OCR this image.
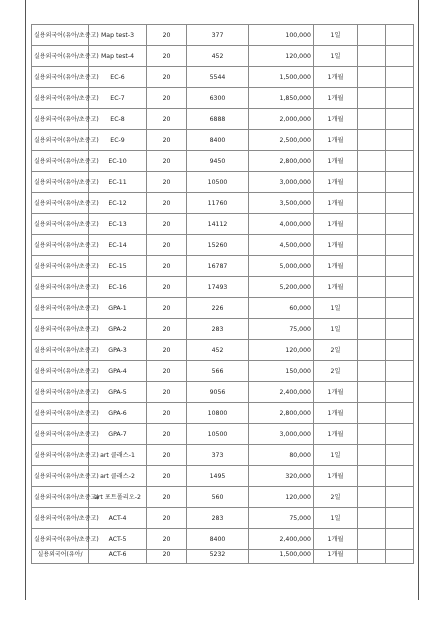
실용외국어(유아/초중고)	Map test-3	20	377	100,000	1일		
실용외국어(유아/초중고)	Map test-4	20	452	120,000	1일		
실용외국어(유아/초중고)	EC-6	20	5544	1,500,000	1개월		
실용외국어(유아/초중고)	EC-7	20	6300	1,850,000	1개월		
실용외국어(유아/초중고)	EC-8	20	6888	2,000,000	1개월		
실용외국어(유아/초중고)	EC-9	20	8400	2,500,000	1개월		
실용외국어(유아/초중고)	EC-10	20	9450	2,800,000	1개월		
실용외국어(유아/초중고)	EC-11	20	10500	3,000,000	1개월		
실용외국어(유아/초중고)	EC-12	20	11760	3,500,000	1개월		
실용외국어(유아/초중고)	EC-13	20	14112	4,000,000	1개월		
실용외국어(유아/초중고)	EC-14	20	15260	4,500,000	1개월		
실용외국어(유아/초중고)	EC-15	20	16787	5,000,000	1개월		
실용외국어(유아/초중고)	EC-16	20	17493	5,200,000	1개월		
실용외국어(유아/초중고)	GPA-1	20	226	60,000	1일		
실용외국어(유아/초중고)	GPA-2	20	283	75,000	1일		
실용외국어(유아/초중고)	GPA-3	20	452	120,000	2일		
실용외국어(유아/초중고)	GPA-4	20	566	150,000	2일		
실용외국어(유아/초중고)	GPA-5	20	9056	2,400,000	1개월		
실용외국어(유아/초중고)	GPA-6	20	10800	2,800,000	1개월		
실용외국어(유아/초중고)	GPA-7	20	10500	3,000,000	1개월		
실용외국어(유아/초중고)	art 클래스-1	20	373	80,000	1일		
실용외국어(유아/초중고)	art 클래스-2	20	1495	320,000	1개월		
실용외국어(유아/초중고)	art 포트폴리오-2	20	560	120,000	2일		
실용외국어(유아/초중고)	ACT-4	20	283	75,000	1일		
실용외국어(유아/초중고)	ACT-5	20	8400	2,400,000	1개월		
실용외국어(유아/	ACT-6	20	5232	1,500,000	1개월		
